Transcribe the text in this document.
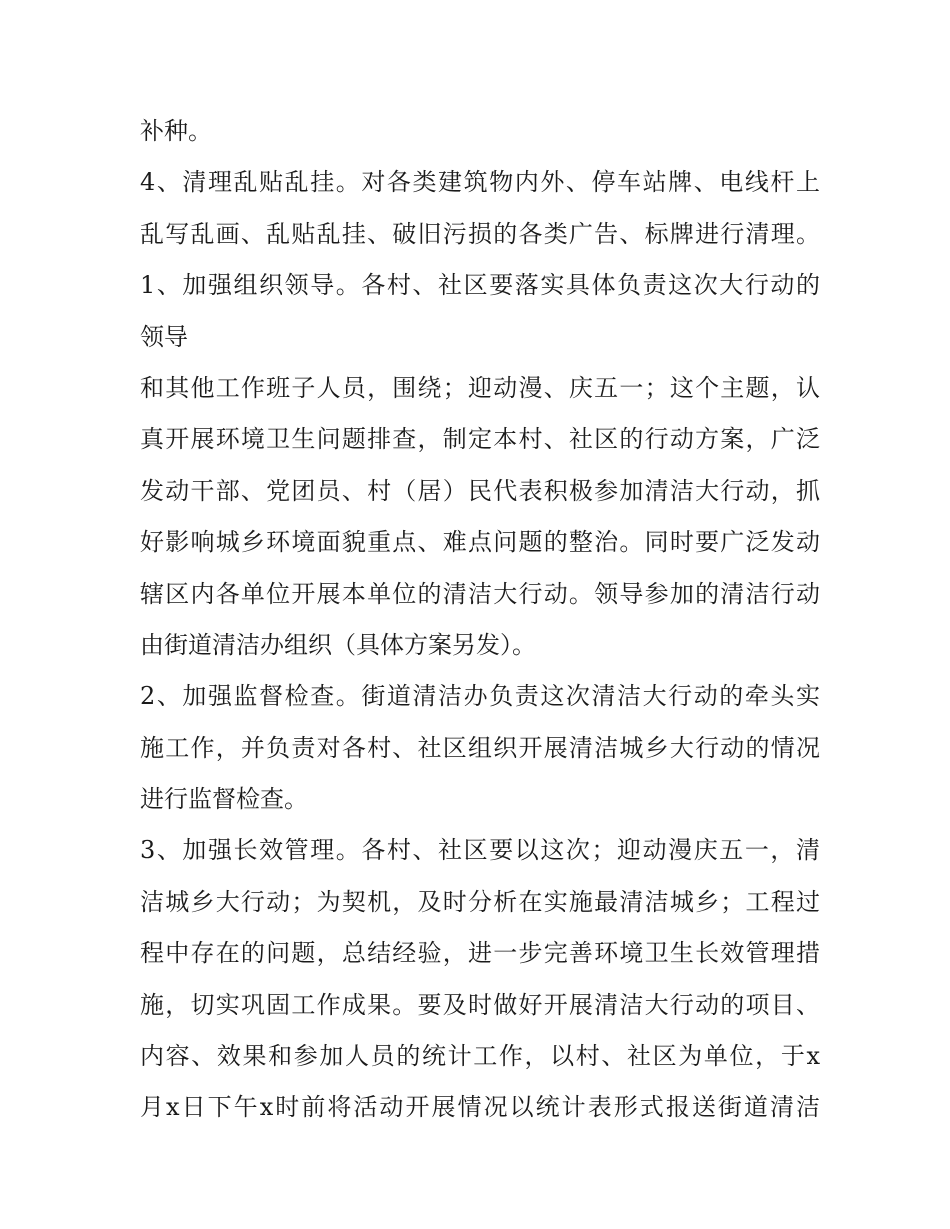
补种。
4、清理乱贴乱挂。对各类建筑物内外、停车站牌、电线杆上
乱写乱画、乱贴乱挂、破旧污损的各类广告、标牌进行清理。
1、加强组织领导。各村、社区要落实具体负责这次大行动的
领导
和其他工作班子人员，围绕；迎动漫、庆五一；这个主题，认
真开展环境卫生问题排查，制定本村、社区的行动方案，广泛
发动干部、党团员、村（居）民代表积极参加清洁大行动，抓
好影响城乡环境面貌重点、难点问题的整治。同时要广泛发动
辖区内各单位开展本单位的清洁大行动。领导参加的清洁行动
由街道清洁办组织（具体方案另发）。
2、加强监督检查。街道清洁办负责这次清洁大行动的牵头实
施工作，并负责对各村、社区组织开展清洁城乡大行动的情况
进行监督检查。
3、加强长效管理。各村、社区要以这次；迎动漫庆五一，清
洁城乡大行动；为契机，及时分析在实施最清洁城乡；工程过
程中存在的问题，总结经验，进一步完善环境卫生长效管理措
施，切实巩固工作成果。要及时做好开展清洁大行动的项目、
内容、效果和参加人员的统计工作，以村、社区为单位，于x
月x日下午x时前将活动开展情况以统计表形式报送街道清洁
